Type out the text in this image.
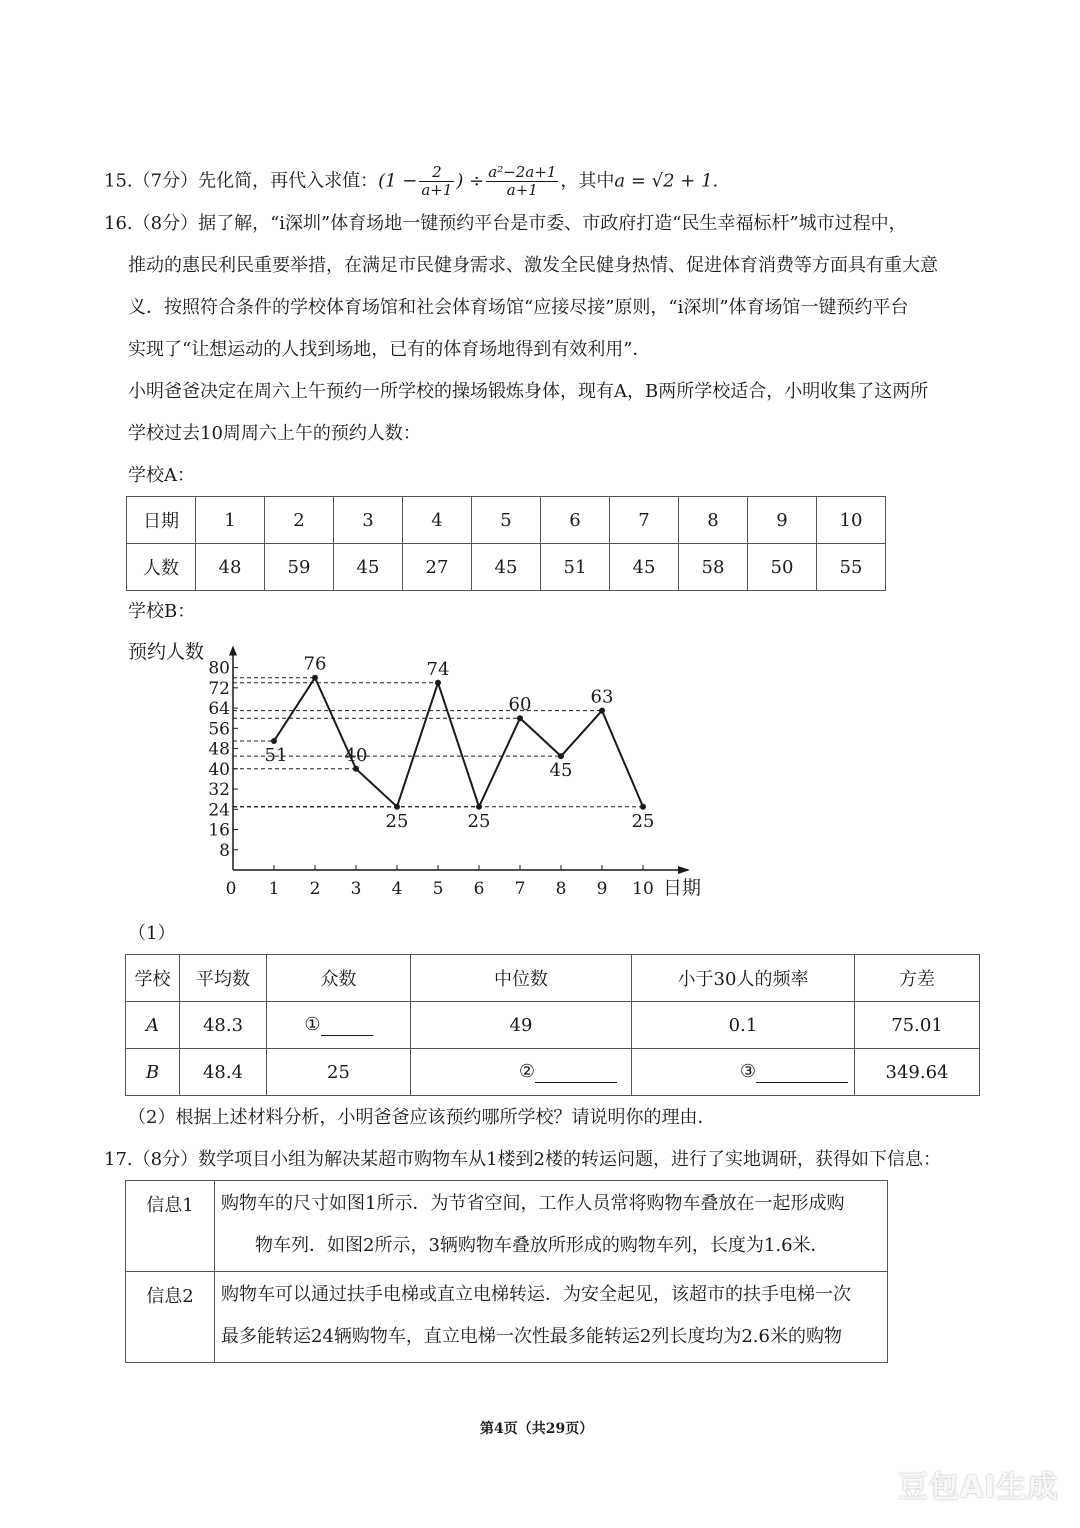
15.（7分）先化简，再代入求值：($1 - \frac{2}{a+1}$ ) ÷ $\frac{\text{a²−2a+1}}{a+1}$ ，其中a = √2 + 1.
16.（8分）据了解，“i深圳”体育场地一键预约平台是市委、市政府打造“民生幸福标杆”城市过程中，
推动的惠民利民重要举措，在满足市民健身需求、激发全民健身热情、促进体育消费等方面具有重大意
义．按照符合条件的学校体育场馆和社会体育场馆“应接尽接”原则，“i深圳”体育场馆一键预约平台
实现了“让想运动的人找到场地，已有的体育场地得到有效利用”．
小明爸爸决定在周六上午预约一所学校的操场锻炼身体，现有A，B两所学校适合，小明收集了这两所
学校过去10周周六上午的预约人数：
学校A：
日期	1	2	3	4	5	6	7	8	9	10
人数	48	59	45	27	45	51	45	58	50	55
学校B：
预约人数
8
16
24
32
40
48
56
64
72
80
0 1 2 3 4 5 6 7 8 9 10 日期
51
76
40
25
74
25
60
45
63
25
（1）
学校	平均数	众数	中位数	小于30人的频率	方差
A	48.3	①	49	0.1	75.01
B	48.4	25	②	③	349.64
（2）根据上述材料分析，小明爸爸应该预约哪所学校？请说明你的理由．
17.（8分）数学项目小组为解决某超市购物车从1楼到2楼的转运问题，进行了实地调研，获得如下信息：
信息1	购物车的尺寸如图1所示．为节省空间，工作人员常将购物车叠放在一起形成购
物车列．如图2所示，3辆购物车叠放所形成的购物车列，长度为1.6米．

信息2	购物车可以通过扶手电梯或直立电梯转运．为安全起见，该超市的扶手电梯一次
最多能转运24辆购物车，直立电梯一次性最多能转运2列长度均为2.6米的购物
第4页（共29页）
豆包AI生成
